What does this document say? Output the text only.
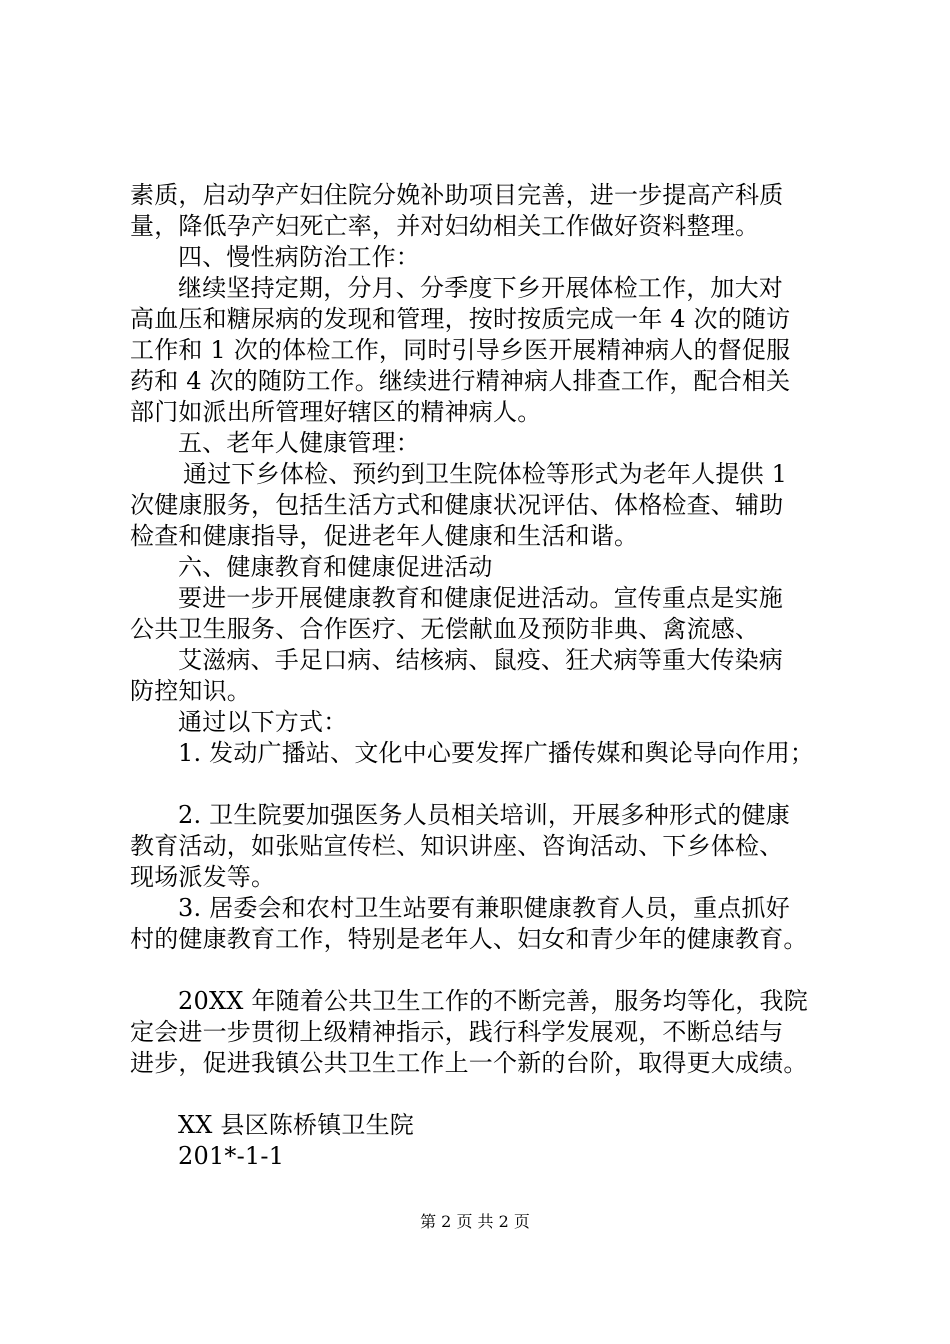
素质，启动孕产妇住院分娩补助项目完善，进一步提高产科质
量，降低孕产妇死亡率，并对妇幼相关工作做好资料整理。
四、慢性病防治工作：
继续坚持定期，分月、分季度下乡开展体检工作，加大对
高血压和糖尿病的发现和管理，按时按质完成一年 4 次的随访
工作和 1 次的体检工作，同时引导乡医开展精神病人的督促服
药和 4 次的随防工作。继续进行精神病人排查工作，配合相关
部门如派出所管理好辖区的精神病人。
五、老年人健康管理：
通过下乡体检、预约到卫生院体检等形式为老年人提供 1
次健康服务，包括生活方式和健康状况评估、体格检查、辅助
检查和健康指导，促进老年人健康和生活和谐。
六、健康教育和健康促进活动
要进一步开展健康教育和健康促进活动。宣传重点是实施
公共卫生服务、合作医疗、无偿献血及预防非典、禽流感、
艾滋病、手足口病、结核病、鼠疫、狂犬病等重大传染病
防控知识。
通过以下方式：
1. 发动广播站、文化中心要发挥广播传媒和舆论导向作用；
2. 卫生院要加强医务人员相关培训，开展多种形式的健康
教育活动，如张贴宣传栏、知识讲座、咨询活动、下乡体检、
现场派发等。
3. 居委会和农村卫生站要有兼职健康教育人员，重点抓好
村的健康教育工作，特别是老年人、妇女和青少年的健康教育。
20XX 年随着公共卫生工作的不断完善，服务均等化，我院
定会进一步贯彻上级精神指示，践行科学发展观，不断总结与
进步，促进我镇公共卫生工作上一个新的台阶，取得更大成绩。
XX 县区陈桥镇卫生院
201*-1-1
第 2 页 共 2 页
